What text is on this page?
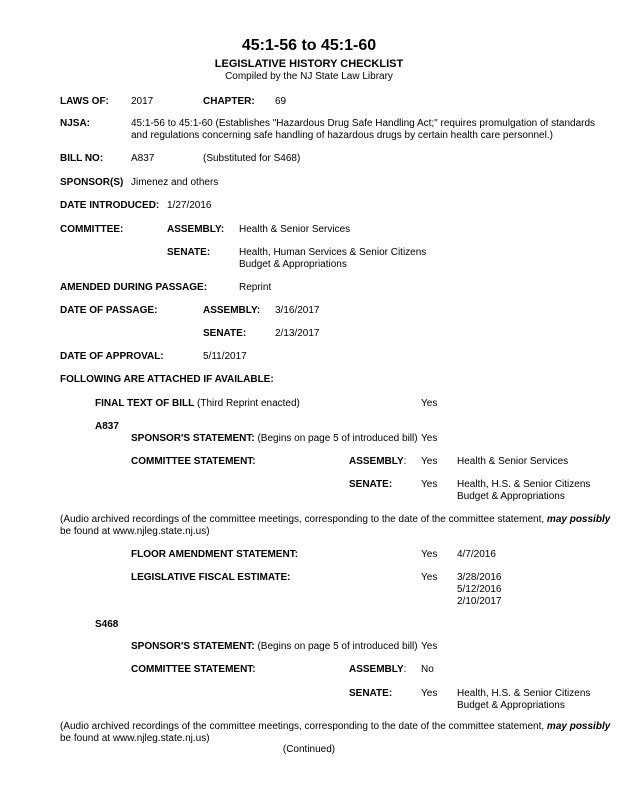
45:1-56 to 45:1-60
LEGISLATIVE HISTORY CHECKLIST
Compiled by the NJ State Law Library
LAWS OF: 2017	CHAPTER: 69
NJSA:	45:1-56 to 45:1-60 (Establishes "Hazardous Drug Safe Handling Act;" requires promulgation of standards
and regulations concerning safe handling of hazardous drugs by certain health care personnel.)
BILL NO:	A837	(Substituted for S468)
SPONSOR(S) Jimenez and others
DATE INTRODUCED: 1/27/2016
COMMITTEE:	ASSEMBLY: Health & Senior Services
SENATE:	Health, Human Services & Senior Citizens
Budget & Appropriations
AMENDED DURING PASSAGE:	Reprint
DATE OF PASSAGE:	ASSEMBLY: 3/16/2017
SENATE:	2/13/2017
DATE OF APPROVAL:	5/11/2017
FOLLOWING ARE ATTACHED IF AVAILABLE:
FINAL TEXT OF BILL (Third Reprint enacted)	Yes
A837
SPONSOR'S STATEMENT: (Begins on page 5 of introduced bill) Yes
COMMITTEE STATEMENT:	ASSEMBLY: Yes Health & Senior Services
SENATE:	Yes Health, H.S. & Senior Citizens
Budget & Appropriations
(Audio archived recordings of the committee meetings, corresponding to the date of the committee statement, may possibly
be found at www.njleg.state.nj.us)
FLOOR AMENDMENT STATEMENT:	Yes 4/7/2016
LEGISLATIVE FISCAL ESTIMATE:	Yes 3/28/2016
5/12/2016
2/10/2017
S468
SPONSOR'S STATEMENT: (Begins on page 5 of introduced bill) Yes
COMMITTEE STATEMENT:	ASSEMBLY: No
SENATE:	Yes Health, H.S. & Senior Citizens
Budget & Appropriations
(Audio archived recordings of the committee meetings, corresponding to the date of the committee statement, may possibly
be found at www.njleg.state.nj.us)
(Continued)
